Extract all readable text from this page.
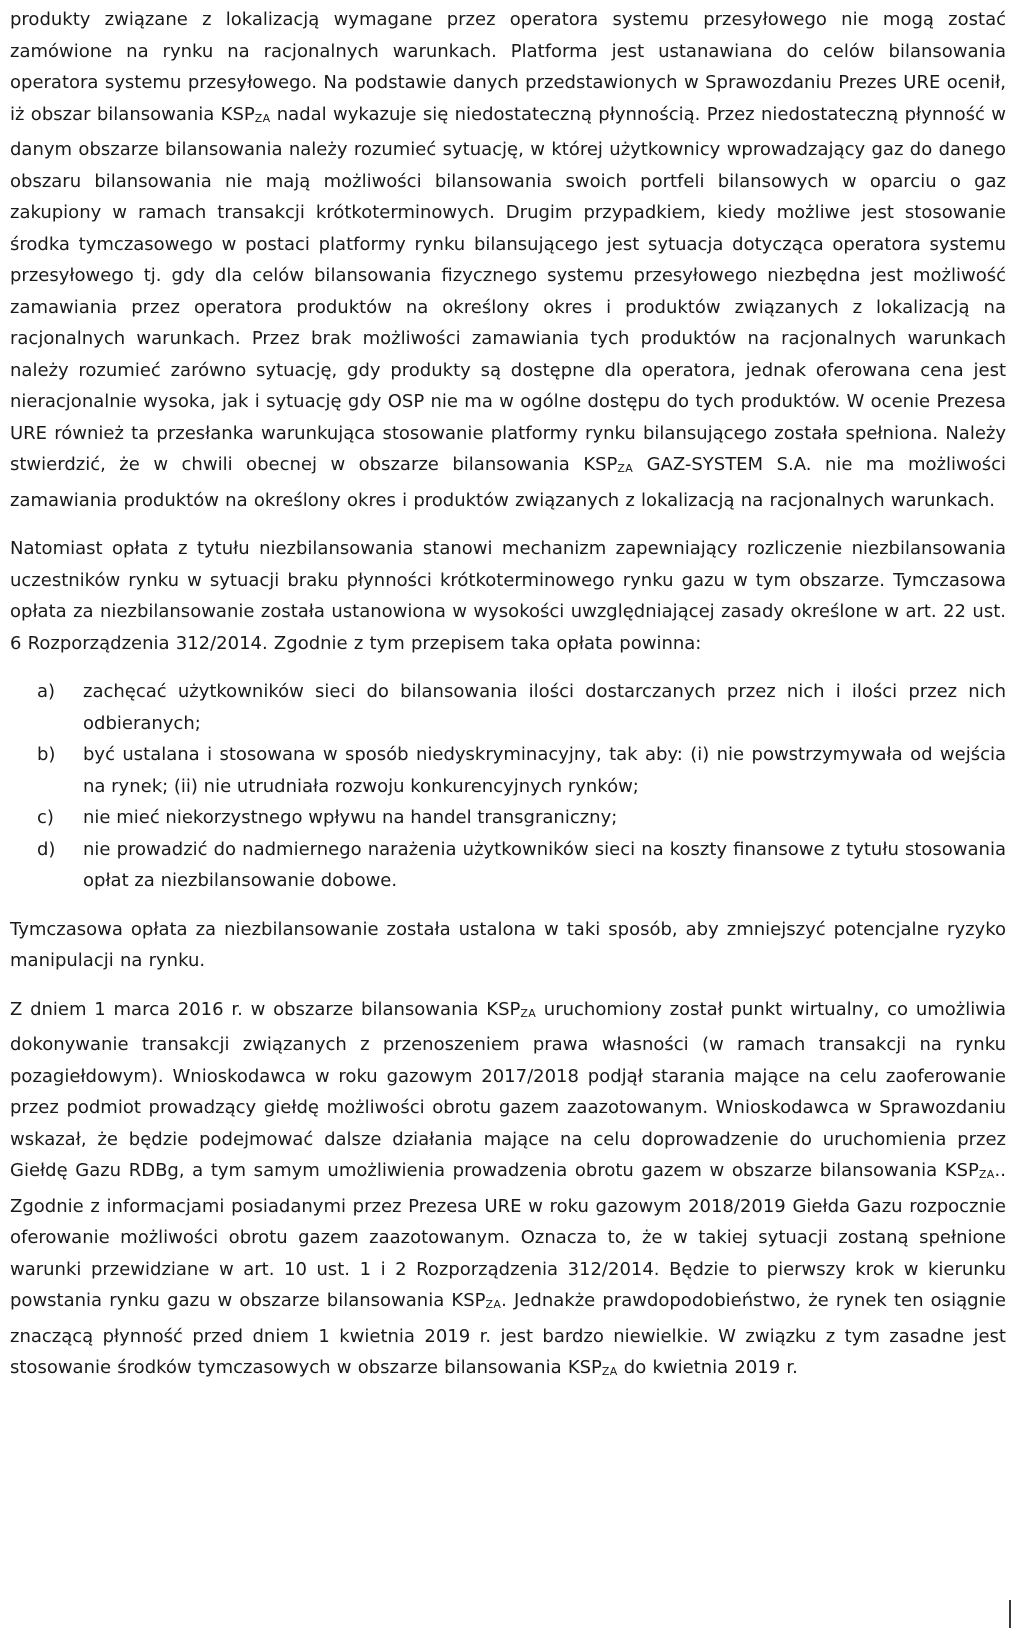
produkty związane z lokalizacją wymagane przez operatora systemu przesyłowego nie mogą zostać zamówione na rynku na racjonalnych warunkach. Platforma jest ustanawiana do celów bilansowania operatora systemu przesyłowego. Na podstawie danych przedstawionych w Sprawozdaniu Prezes URE ocenił, iż obszar bilansowania KSPZA nadal wykazuje się niedostateczną płynnością. Przez niedostateczną płynność w danym obszarze bilansowania należy rozumieć sytuację, w której użytkownicy wprowadzający gaz do danego obszaru bilansowania nie mają możliwości bilansowania swoich portfeli bilansowych w oparciu o gaz zakupiony w ramach transakcji krótkoterminowych. Drugim przypadkiem, kiedy możliwe jest stosowanie środka tymczasowego w postaci platformy rynku bilansującego jest sytuacja dotycząca operatora systemu przesyłowego tj. gdy dla celów bilansowania fizycznego systemu przesyłowego niezbędna jest możliwość zamawiania przez operatora produktów na określony okres i produktów związanych z lokalizacją na racjonalnych warunkach. Przez brak możliwości zamawiania tych produktów na racjonalnych warunkach należy rozumieć zarówno sytuację, gdy produkty są dostępne dla operatora, jednak oferowana cena jest nieracjonalnie wysoka, jak i sytuację gdy OSP nie ma w ogólne dostępu do tych produktów. W ocenie Prezesa URE również ta przesłanka warunkująca stosowanie platformy rynku bilansującego została spełniona. Należy stwierdzić, że w chwili obecnej w obszarze bilansowania KSPZA GAZ-SYSTEM S.A. nie ma możliwości zamawiania produktów na określony okres i produktów związanych z lokalizacją na racjonalnych warunkach.

Natomiast opłata z tytułu niezbilansowania stanowi mechanizm zapewniający rozliczenie niezbilansowania uczestników rynku w sytuacji braku płynności krótkoterminowego rynku gazu w tym obszarze. Tymczasowa opłata za niezbilansowanie została ustanowiona w wysokości uwzględniającej zasady określone w art. 22 ust. 6 Rozporządzenia 312/2014. Zgodnie z tym przepisem taka opłata powinna:

a) zachęcać użytkowników sieci do bilansowania ilości dostarczanych przez nich i ilości przez nich odbieranych;
b) być ustalana i stosowana w sposób niedyskryminacyjny, tak aby: (i) nie powstrzymywała od wejścia na rynek; (ii) nie utrudniała rozwoju konkurencyjnych rynków;
c) nie mieć niekorzystnego wpływu na handel transgraniczny;
d) nie prowadzić do nadmiernego narażenia użytkowników sieci na koszty finansowe z tytułu stosowania opłat za niezbilansowanie dobowe.

Tymczasowa opłata za niezbilansowanie została ustalona w taki sposób, aby zmniejszyć potencjalne ryzyko manipulacji na rynku.

Z dniem 1 marca 2016 r. w obszarze bilansowania KSPZA uruchomiony został punkt wirtualny, co umożliwia dokonywanie transakcji związanych z przenoszeniem prawa własności (w ramach transakcji na rynku pozagiełdowym). Wnioskodawca w roku gazowym 2017/2018 podjął starania mające na celu zaoferowanie przez podmiot prowadzący giełdę możliwości obrotu gazem zaazotowanym. Wnioskodawca w Sprawozdaniu wskazał, że będzie podejmować dalsze działania mające na celu doprowadzenie do uruchomienia przez Giełdę Gazu RDBg, a tym samym umożliwienia prowadzenia obrotu gazem w obszarze bilansowania KSPZA.. Zgodnie z informacjami posiadanymi przez Prezesa URE w roku gazowym 2018/2019 Giełda Gazu rozpocznie oferowanie możliwości obrotu gazem zaazotowanym. Oznacza to, że w takiej sytuacji zostaną spełnione warunki przewidziane w art. 10 ust. 1 i 2 Rozporządzenia 312/2014. Będzie to pierwszy krok w kierunku powstania rynku gazu w obszarze bilansowania KSPZA. Jednakże prawdopodobieństwo, że rynek ten osiągnie znaczącą płynność przed dniem 1 kwietnia 2019 r. jest bardzo niewielkie. W związku z tym zasadne jest stosowanie środków tymczasowych w obszarze bilansowania KSPZA do kwietnia 2019 r.
